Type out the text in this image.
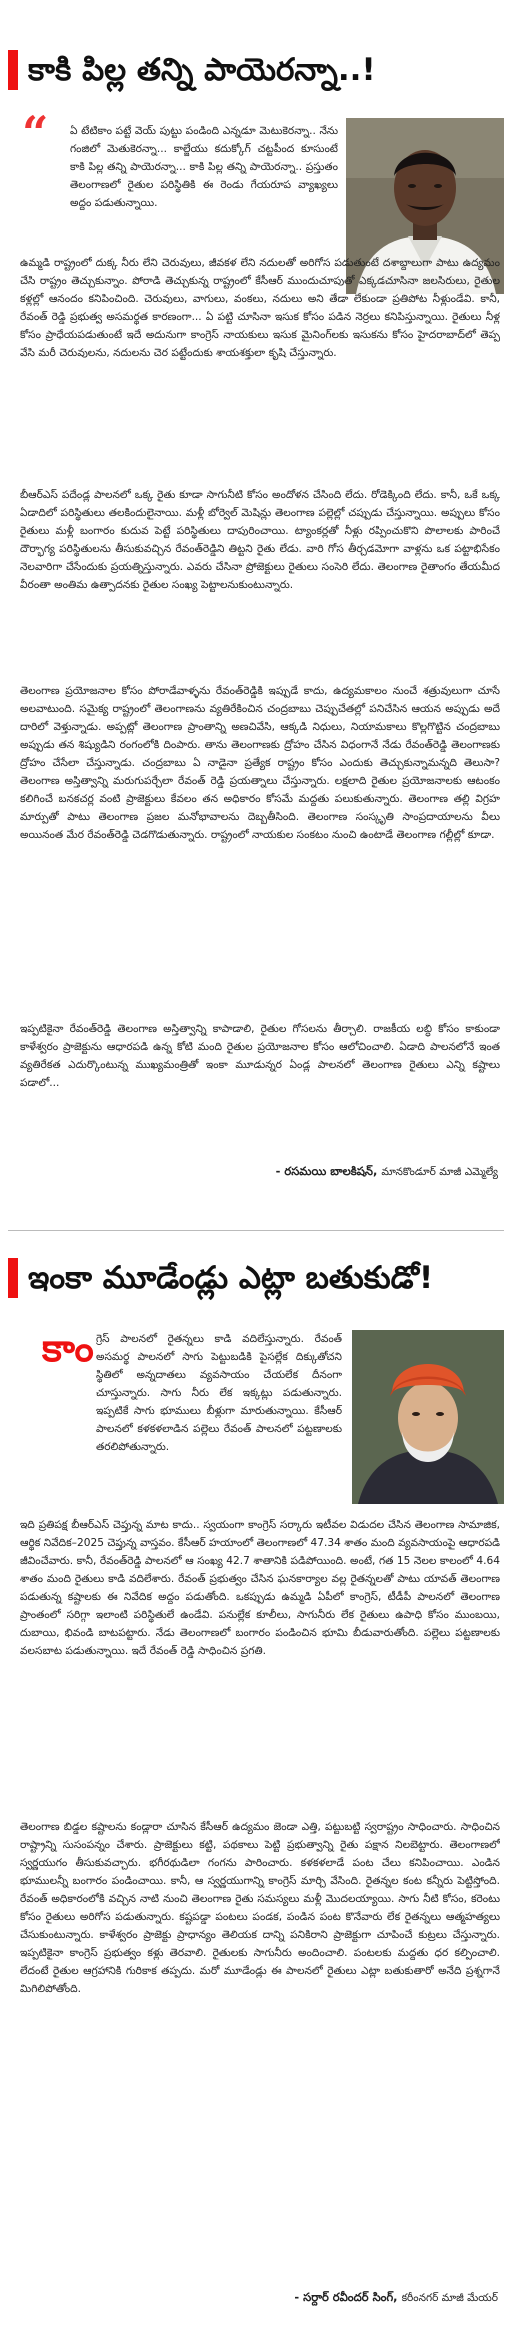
కాకి పిల్ల తన్ని పాయెరన్నా..!
“ ఏ టేటికాం పట్టే వెయ్ పుట్టు పండింది ఎన్నడూ మెటుకెరన్నా.. నేను గంజిలో మెతుకెరన్నా... కాల్జేయు కదుక్కోగ్ చట్టపీంద కూసుంటే కాకి పిల్ల తన్ని పాయెరన్నా... కాకి పిల్ల తన్ని పాయెరన్నా.. ప్రస్తుతం తెలంగాణలో రైతుల పరిస్థితికి ఈ రెండు గేయరూప వ్యాఖ్యలు అద్దం పడుతున్నాయి.

ఉమ్మడి రాష్ట్రంలో దుక్క నీరు లేని చెరువులు, జీవకళ లేని నదులతో అరిగోస పడుతుంటే దశాబ్దాలుగా పాటు ఉద్యమం చేసి రాష్ట్రం తెచ్చుకున్నాం. పోరాడి తెచ్చుకున్న రాష్ట్రంలో కేసీఆర్ ముందుచూపుతో ఎక్కడచూసినా జలసిరులు, రైతుల కళ్లల్లో ఆనందం కనిపించింది. చెరువులు, వాగులు, వంకలు, నదులు అని తేడా లేకుండా ప్రతిపోట నీళ్లుండేవి. కానీ, రేవంత్ రెడ్డి ప్రభుత్వ అసమర్థత కారణంగా... ఏ పట్టి చూసినా ఇసుక కోసం పడిన నెర్రలు కనిపిస్తున్నాయి. రైతులు నీళ్ల కోసం ప్రాధేయపడుతుంటే ఇదే అదునుగా కాంగ్రెస్ నాయకులు ఇసుక మైనింగ్‌లకు ఇసుకను కోసం హైదరాబాద్‌లో తెప్ప వేసి మరీ చెరువులను, నదులను చెర పట్టేందుకు శాయశక్తులా కృషి చేస్తున్నారు.

బీఆర్‌ఎస్ పదేండ్ల పాలనలో ఒక్క రైతు కూడా సాగునీటి కోసం అందోళన చేసింది లేదు. రోడెక్కింది లేదు. కానీ, ఒకే ఒక్క ఏడాదిలో పరిస్థితులు తలకిందులైనాయి. మళ్లీ బోర్వెల్ మెషిన్లు తెలంగాణ పల్లెల్లో చప్పుడు చేస్తున్నాయి. అప్పులు కోసం రైతులు మళ్లీ బంగారం కుదువ పెట్టే పరిస్థితులు దాపురించాయి. ట్యాంకర్లతో నీళ్లు రప్పించుకొని పొలాలకు పారించే దౌర్భాగ్య పరిస్థితులను తీసుకువచ్చిన రేవంత్‌రెడ్డిని తిట్టని రైతు లేడు. వారి గోస తీర్చడమోగా వాళ్లను ఒక పట్టాభిసేకం నెలవారిగా చేసేందుకు ప్రయత్నిస్తున్నారు. ఎవరు చేసినా ప్రోజెక్టులు రైతులు సంసెరి లేదు. తెలంగాణ రైతాంగం తేయమీద వీరంతా అంతిమ ఉత్పాదనకు రైతుల సంఖ్య పెట్టాలనుకుంటున్నారు.

తెలంగాణ ప్రయోజనాల కోసం పోరాడేవాళ్ళను రేవంత్‌రెడ్డికి ఇప్పుడే కాదు, ఉద్యమకాలం నుంచే శత్రువులుగా చూసే అలవాటుంది. సమైక్య రాష్ట్రంలో తెలంగాణను వ్యతిరేకించిన చంద్రబాబు చెప్పుచేతల్లో పనిచేసిన ఆయన అప్పుడు అదే దారిలో వెళ్తున్నాడు. అప్పట్లో తెలంగాణ ప్రాంతాన్ని అణచివేసి, ఆక్కడి నిధులు, నియామకాలు కొల్లగొట్టిన చంద్రబాబు అప్పుడు తన శిష్యుడిని రంగంలోకి దింపారు. తాను తెలంగాణకు ద్రోహం చేసిన విధంగానే నేడు రేవంత్‌రెడ్డి తెలంగాణకు ద్రోహం చేసేలా చేస్తున్నాడు. చంద్రబాబు ఏ నాడైనా ప్రత్యేక రాష్ట్రం కోసం ఎందుకు తెచ్చుకున్నామన్నది తెలుసా? తెలంగాణ అస్తిత్వాన్ని మరుగుపర్చేలా రేవంత్ రెడ్డి ప్రయత్నాలు చేస్తున్నారు. లక్షలాది రైతుల ప్రయోజనాలకు ఆటంకం కలిగించే బనకచర్ల వంటి ప్రాజెక్టులు కేవలం తన అధికారం కోసమే మద్దతు పలుకుతున్నారు. తెలంగాణ తల్లి విగ్రహ మార్పుతో పాటు తెలంగాణ ప్రజల మనోభావాలను దెబ్బతీసింది. తెలంగాణ సంస్కృతి సాంప్రదాయాలను వీలు అయినంత మేర రేవంత్‌రెడ్డి చెడగొడుతున్నారు. రాష్ట్రంలో నాయకుల సంకటం నుంచి ఉంటాడే తెలంగాణ గల్లీల్లో కూడా.

ఇప్పటికైనా రేవంత్‌రెడ్డి తెలంగాణ అస్తిత్వాన్ని కాపాడాలి, రైతుల గోసలను తీర్చాలి. రాజకీయ లబ్ధి కోసం కాకుండా కాళేశ్వరం ప్రాజెక్టును ఆధారపడి ఉన్న కోటి మంది రైతుల ప్రయోజనాల కోసం ఆలోచించాలి. ఏడాది పాలనలోనే ఇంత వ్యతిరేకత ఎదుర్కొంటున్న ముఖ్యమంత్రితో ఇంకా మూడున్నర ఏండ్ల పాలనలో తెలంగాణ రైతులు ఎన్ని కష్టాలు పడాలో...

- రసమయి బాలకిషన్, మానకొండూర్ మాజీ ఎమ్మెల్యే
ఇంకా మూడేండ్లు ఎట్లా బతుకుడో!
కాం గ్రెస్ పాలనలో రైతన్నలు కాడి వదిలేస్తున్నారు. రేవంత్ అసమర్థ పాలనలో సాగు పెట్టుబడికి పైసల్లేక దిక్కుతోచని స్థితిలో అన్నదాతలు వ్యవసాయం చేయలేక దీనంగా చూస్తున్నారు. సాగు నీరు లేక ఇక్కట్లు పడుతున్నారు. ఇప్పటికే సాగు భూములు బీళ్లుగా మారుతున్నాయి. కేసీఆర్ పాలనలో కళకళలాడిన పల్లెలు రేవంత్ పాలనలో పట్టణాలకు తరలిపోతున్నారు.

ఇది ప్రతిపక్ష బీఆర్‌ఎస్ చెప్తున్న మాట కాదు.. స్వయంగా కాంగ్రెస్ సర్కారు ఇటీవల విడుదల చేసిన తెలంగాణ సామాజిక, ఆర్థిక నివేదిక–2025 చెప్తున్న వాస్తవం. కేసీఆర్ హయాంలో తెలంగాణలో 47.34 శాతం మంది వ్యవసాయంపై ఆధారపడి జీవించేవారు. కానీ, రేవంత్‌రెడ్డి పాలనలో ఆ సంఖ్య 42.7 శాతానికి పడిపోయింది. అంటే, గత 15 నెలల కాలంలో 4.64 శాతం మంది రైతులు కాడి వదిలేశారు. రేవంత్ ప్రభుత్వం చేసిన ఘనకార్యాల వల్ల రైతన్నలతో పాటు యావత్ తెలంగాణ పడుతున్న కష్టాలకు ఈ నివేదిక అద్దం పడుతోంది. ఒకప్పుడు ఉమ్మడి ఏపీలో కాంగ్రెస్, టీడీపీ పాలనలో తెలంగాణ ప్రాంతంలో సరిగ్గా ఇలాంటి పరిస్థితులే ఉండేవి. పనుల్లేక కూలీలు, సాగునీరు లేక రైతులు ఉపాధి కోసం ముంబయి, దుబాయి, భివండి బాటపట్టారు. నేడు తెలంగాణలో బంగారం పండించిన భూమి బీడువారుతోంది. పల్లెలు పట్టణాలకు వలసబాట పడుతున్నాయి. ఇదే రేవంత్ రెడ్డి సాధించిన ప్రగతి.

తెలంగాణ బిడ్డల కష్టాలను కండ్లారా చూసిన కేసీఆర్ ఉద్యమం జెండా ఎత్తి, పట్టుబట్టి స్వరాష్ట్రం సాధించారు. సాధించిన రాష్ట్రాన్ని సుసంపన్నం చేశారు. ప్రాజెక్టులు కట్టి, పథకాలు పెట్టి ప్రభుత్వాన్ని రైతు పక్షాన నిలబెట్టారు. తెలంగాణలో స్వర్ణయుగం తీసుకువచ్చారు. భగీరథుడిలా గంగను పారించారు. కళకళలాడే పంట చేలు కనిపించాయి. ఎండిన భూములన్నీ బంగారం పండించాయి. కానీ, ఆ స్వర్ణయుగాన్ని కాంగ్రెస్ మార్చి వేసింది. రైతన్నల కంట కన్నీరు పెట్టిస్తోంది. రేవంత్ అధికారంలోకి వచ్చిన నాటి నుంచి తెలంగాణ రైతు సమస్యలు మళ్లీ మొదలయ్యాయి. సాగు నీటి కోసం, కరెంటు కోసం రైతులు అరిగోస పడుతున్నారు. కష్టపడ్డా పంటలు పండక, పండిన పంట కొనేవారు లేక రైతన్నలు ఆత్మహత్యలు చేసుకుంటున్నారు. కాళేశ్వరం ప్రాజెక్టు ప్రాధాన్యం తెలియక దాన్ని పనికిరాని ప్రాజెక్టుగా చూపించే కుట్రలు చేస్తున్నారు. ఇప్పటికైనా కాంగ్రెస్ ప్రభుత్వం కళ్లు తెరవాలి. రైతులకు సాగునీరు అందించాలి. పంటలకు మద్దతు ధర కల్పించాలి. లేదంటే రైతుల ఆగ్రహానికి గురికాక తప్పదు. మరో మూడేండ్లు ఈ పాలనలో రైతులు ఎట్లా బతుకుతారో అనేది ప్రశ్నగానే మిగిలిపోతోంది.

- సర్దార్ రవీందర్ సింగ్, కరీంనగర్ మాజీ మేయర్
